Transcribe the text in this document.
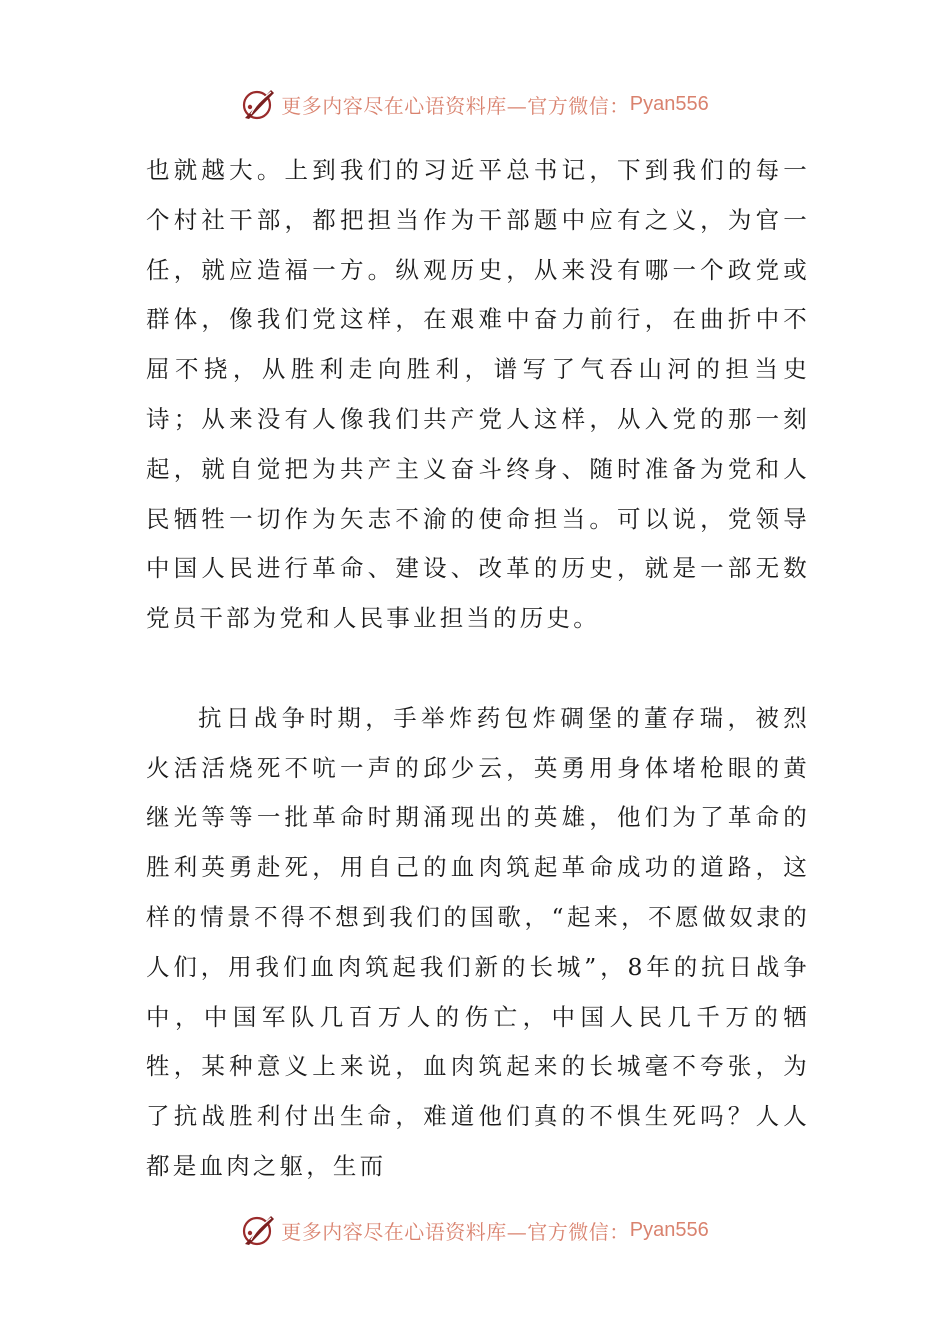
更多内容尽在心语资料库—官方微信： Pyan556

也就越大。上到我们的习近平总书记，下到我们的每一个村社干部，都把担当作为干部题中应有之义，为官一任，就应造福一方。纵观历史，从来没有哪一个政党或群体，像我们党这样，在艰难中奋力前行，在曲折中不屈不挠，从胜利走向胜利，谱写了气吞山河的担当史诗；从来没有人像我们共产党人这样，从入党的那一刻起，就自觉把为共产主义奋斗终身、随时准备为党和人民牺牲一切作为矢志不渝的使命担当。可以说，党领导中国人民进行革命、建设、改革的历史，就是一部无数党员干部为党和人民事业担当的历史。

抗日战争时期，手举炸药包炸碉堡的董存瑞，被烈火活活烧死不吭一声的邱少云，英勇用身体堵枪眼的黄继光等等一批革命时期涌现出的英雄，他们为了革命的胜利英勇赴死，用自己的血肉筑起革命成功的道路，这样的情景不得不想到我们的国歌，“起来，不愿做奴隶的人们，用我们血肉筑起我们新的长城”，8年的抗日战争中，中国军队几百万人的伤亡，中国人民几千万的牺牲，某种意义上来说，血肉筑起来的长城毫不夸张，为了抗战胜利付出生命，难道他们真的不惧生死吗？人人都是血肉之躯，生而

更多内容尽在心语资料库—官方微信： Pyan556
